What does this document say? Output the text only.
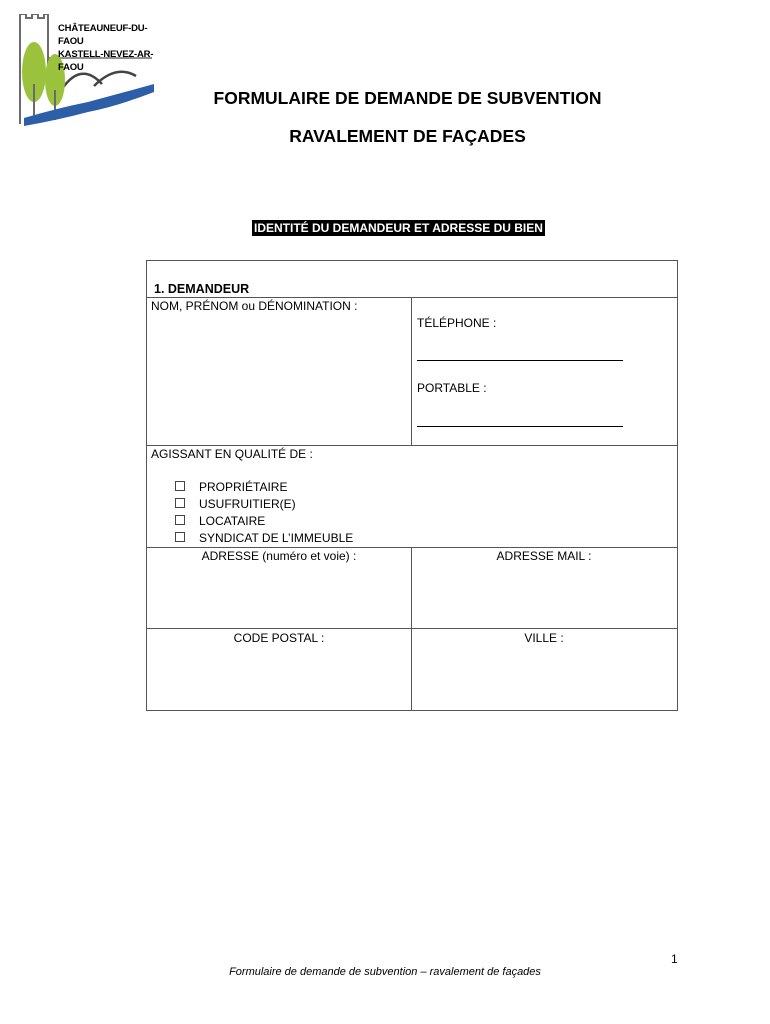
CHÂTEAUNEUF-DU-FAOU
KASTELL-NEVEZ-AR-FAOU
FORMULAIRE DE DEMANDE DE SUBVENTION
RAVALEMENT DE FAÇADES
IDENTITÉ DU DEMANDEUR ET ADRESSE DU BIEN
1. DEMANDEUR
NOM, PRÉNOM ou DÉNOMINATION :
TÉLÉPHONE :
PORTABLE :
AGISSANT EN QUALITÉ DE :
PROPRIÉTAIRE
USUFRUITIER(E)
LOCATAIRE
SYNDICAT DE L’IMMEUBLE
ADRESSE (numéro et voie) :	ADRESSE MAIL :
CODE POSTAL :	VILLE :
1
Formulaire de demande de subvention – ravalement de façades
